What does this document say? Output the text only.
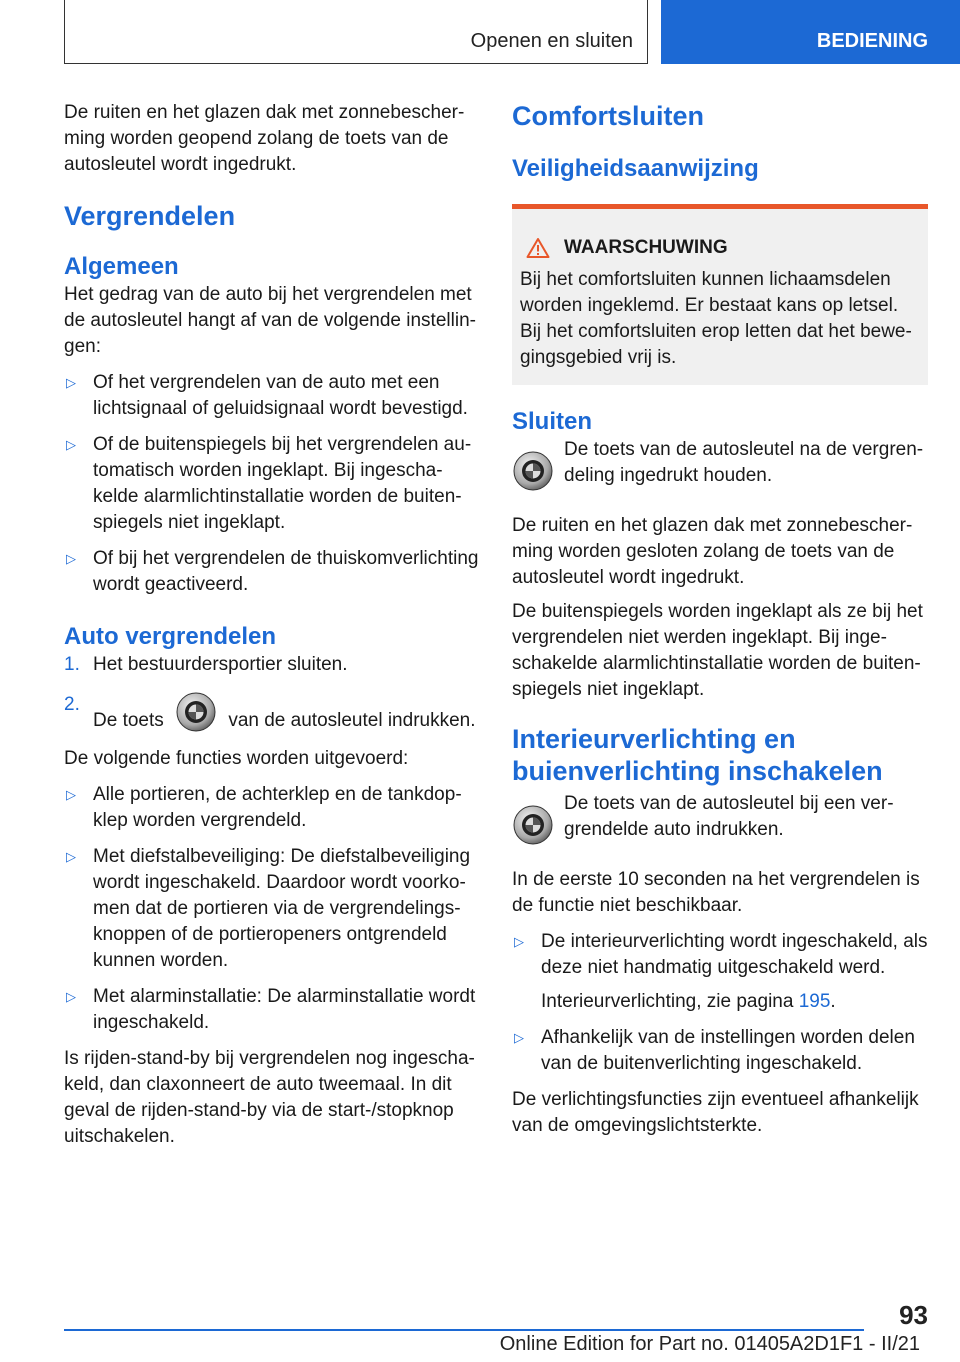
Openen en sluiten	BEDIENING

De ruiten en het glazen dak met zonnebescherming worden geopend zolang de toets van de autosleutel wordt ingedrukt.

Vergrendelen
Algemeen

Het gedrag van de auto bij het vergrendelen met de autosleutel hangt af van de volgende instellingen:

▷ Of het vergrendelen van de auto met een lichtsignaal of geluidsignaal wordt bevestigd.
▷ Of de buitenspiegels bij het vergrendelen automatisch worden ingeklapt. Bij ingeschakelde alarmlichtinstallatie worden de buitenspiegels niet ingeklapt.
▷ Of bij het vergrendelen de thuiskomverlichting wordt geactiveerd.
Auto vergrendelen
1. Het bestuurdersportier sluiten.
2.
De toets	van de autosleutel indrukken.

De volgende functies worden uitgevoerd:

▷ Alle portieren, de achterklep en de tankdopklep worden vergrendeld.
▷ Met diefstalbeveiliging: De diefstalbeveiliging wordt ingeschakeld. Daardoor wordt voorkomen dat de portieren via de vergrendelingsknoppen of de portieropeners ontgrendeld kunnen worden.
▷ Met alarminstallatie: De alarminstallatie wordt ingeschakeld.

Is rijden-stand-by bij vergrendelen nog ingeschakeld, dan claxonneert de auto tweemaal. In dit geval de rijden-stand-by via de start-/stopknop uitschakelen.

Comfortsluiten
Veiligheidsaanwijzing
WAARSCHUWING

Bij het comfortsluiten kunnen lichaamsdelen worden ingeklemd. Er bestaat kans op letsel. Bij het comfortsluiten erop letten dat het bewegingsgebied vrij is.

Sluiten
De toets van de autosleutel na de vergrendeling ingedrukt houden.

De ruiten en het glazen dak met zonnebescherming worden gesloten zolang de toets van de autosleutel wordt ingedrukt.

De buitenspiegels worden ingeklapt als ze bij het vergrendelen niet werden ingeklapt. Bij ingeschakelde alarmlichtinstallatie worden de buitenspiegels niet ingeklapt.

Interieurverlichting en buienverlichting inschakelen
De toets van de autosleutel bij een vergrendelde auto indrukken.

In de eerste 10 seconden na het vergrendelen is de functie niet beschikbaar.

▷ De interieurverlichting wordt ingeschakeld, als deze niet handmatig uitgeschakeld werd.
Interieurverlichting, zie pagina 195.
▷ Afhankelijk van de instellingen worden delen van de buitenverlichting ingeschakeld.

De verlichtingsfuncties zijn eventueel afhankelijk van de omgevingslichtsterkte.

93
Online Edition for Part no. 01405A2D1F1 - II/21
